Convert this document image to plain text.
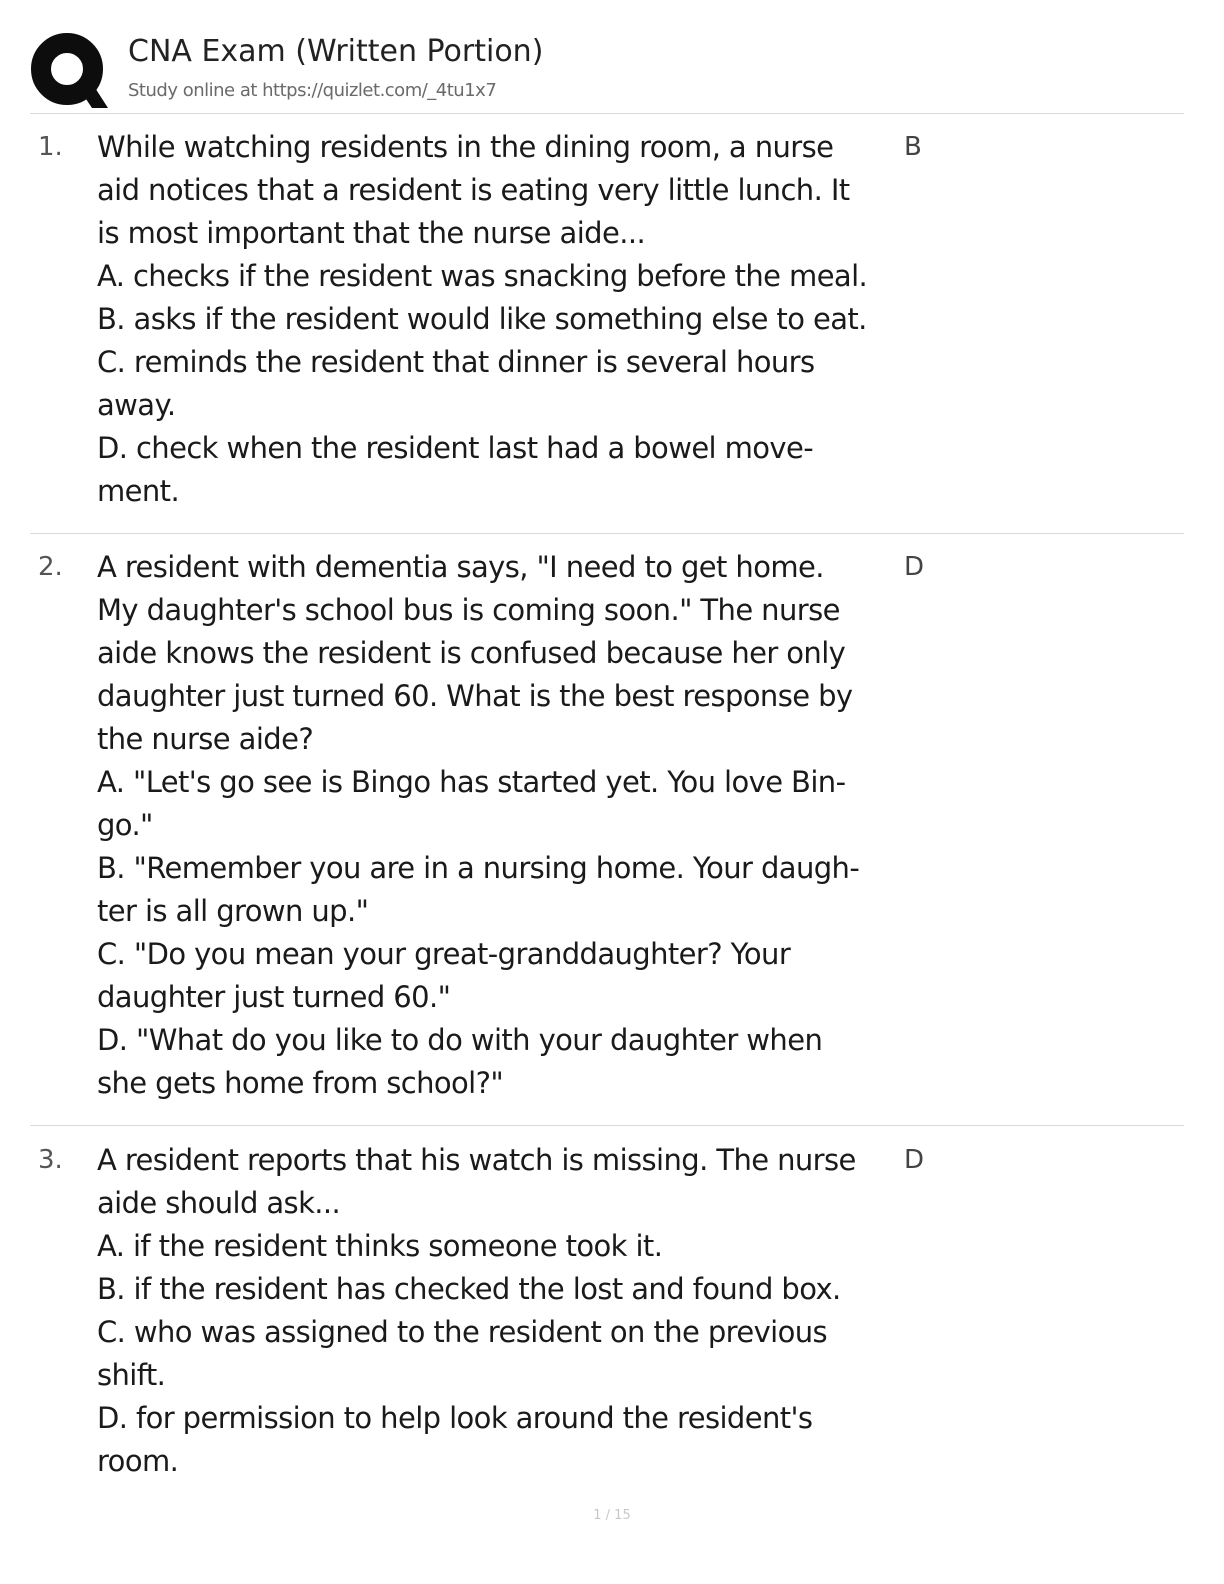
CNA Exam (Written Portion)
Study online at https://quizlet.com/_4tu1x7
1. While watching residents in the dining room, a nurse
aid notices that a resident is eating very little lunch. It
is most important that the nurse aide...
A. checks if the resident was snacking before the meal.
B. asks if the resident would like something else to eat.
C. reminds the resident that dinner is several hours
away.
D. check when the resident last had a bowel move-
ment.
B
2. A resident with dementia says, "I need to get home.
My daughter's school bus is coming soon." The nurse
aide knows the resident is confused because her only
daughter just turned 60. What is the best response by
the nurse aide?
A. "Let's go see is Bingo has started yet. You love Bin-
go."
B. "Remember you are in a nursing home. Your daugh-
ter is all grown up."
C. "Do you mean your great-granddaughter? Your
daughter just turned 60."
D. "What do you like to do with your daughter when
she gets home from school?"
D
3. A resident reports that his watch is missing. The nurse
aide should ask...
A. if the resident thinks someone took it.
B. if the resident has checked the lost and found box.
C. who was assigned to the resident on the previous
shift.
D. for permission to help look around the resident's
room.
D
1 / 15
